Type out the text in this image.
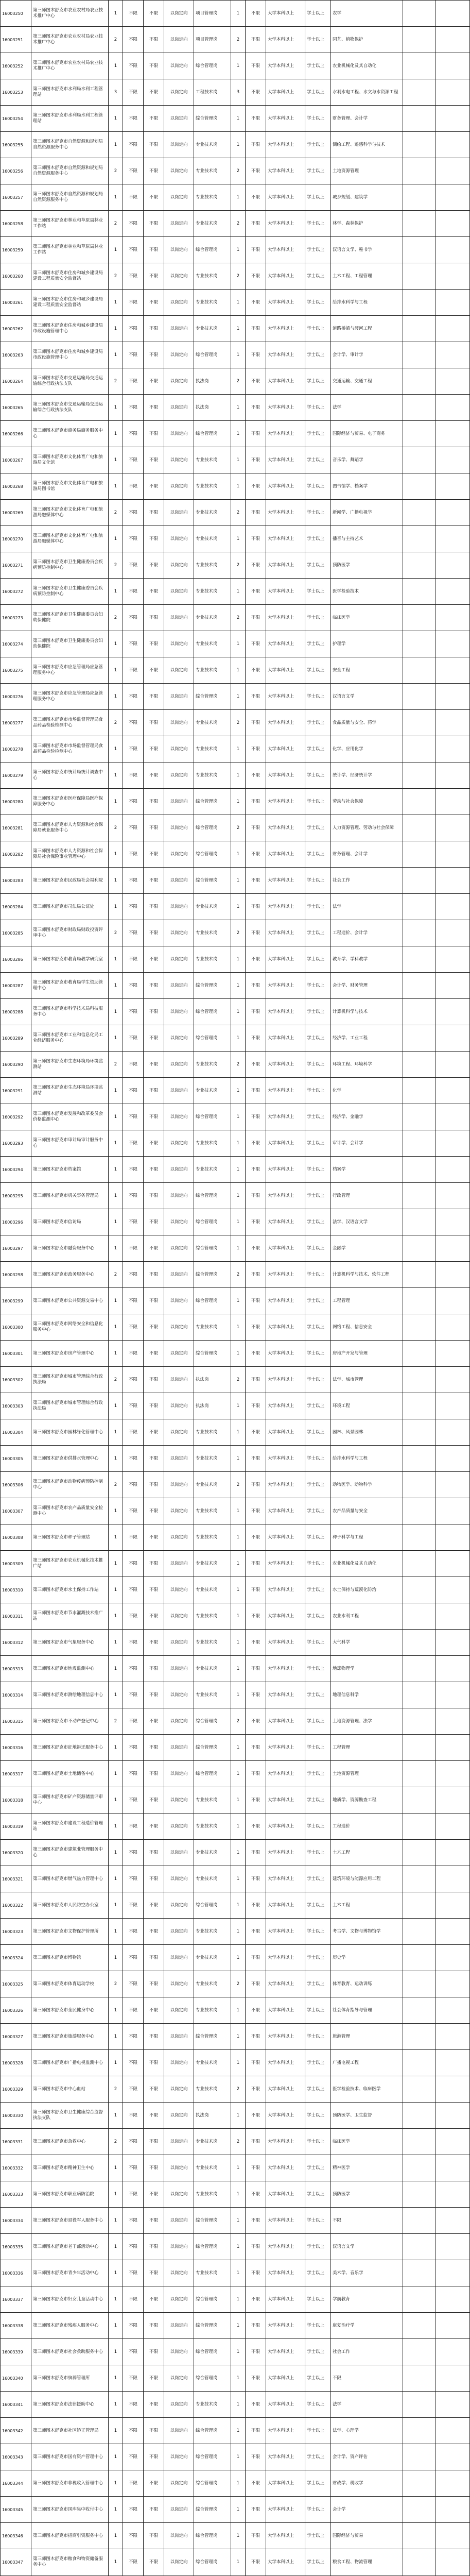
16003250	第三师图木舒克市农业农村局农业技术推广中心	1	不限	不限	以岗定向	项目管理岗	1	不限	大学本科以上	学士以上	农学		
16003251	第三师图木舒克市农业农村局农业技术推广中心	2	不限	不限	以岗定向	项目管理岗	2	不限	大学本科以上	学士以上	园艺、植物保护		
16003252	第三师图木舒克市农业农村局农业技术推广中心	1	不限	不限	以岗定向	综合管理岗	1	不限	大学本科以上	学士以上	农业机械化及其自动化		
16003253	第三师图木舒克市水利局水利工程管理站	3	不限	不限	以岗定向	工程技术岗	3	不限	大学本科以上	学士以上	水利水电工程、水文与水资源工程		
16003254	第三师图木舒克市水利局水利工程管理站	1	不限	不限	以岗定向	综合管理岗	1	不限	大学本科以上	学士以上	财务管理、会计学		
16003255	第三师图木舒克市自然资源和规划局自然资源服务中心	1	不限	不限	以岗定向	专业技术岗	1	不限	大学本科以上	学士以上	测绘工程、遥感科学与技术		
16003256	第三师图木舒克市自然资源和规划局自然资源服务中心	2	不限	不限	以岗定向	专业技术岗	2	不限	大学本科以上	学士以上	土地资源管理		
16003257	第三师图木舒克市自然资源和规划局自然资源服务中心	1	不限	不限	以岗定向	专业技术岗	1	不限	大学本科以上	学士以上	城乡规划、建筑学		
16003258	第三师图木舒克市林业和草原局林业工作站	2	不限	不限	以岗定向	专业技术岗	2	不限	大学本科以上	学士以上	林学、森林保护		
16003259	第三师图木舒克市林业和草原局林业工作站	1	不限	不限	以岗定向	综合管理岗	1	不限	大学本科以上	学士以上	汉语言文学、秘书学		
16003260	第三师图木舒克市住房和城乡建设局建设工程质量安全监督站	2	不限	不限	以岗定向	专业技术岗	2	不限	大学本科以上	学士以上	土木工程、工程管理		
16003261	第三师图木舒克市住房和城乡建设局建设工程质量安全监督站	1	不限	不限	以岗定向	专业技术岗	1	不限	大学本科以上	学士以上	给排水科学与工程		
16003262	第三师图木舒克市住房和城乡建设局市政设施管理中心	1	不限	不限	以岗定向	专业技术岗	1	不限	大学本科以上	学士以上	道路桥梁与渡河工程		
16003263	第三师图木舒克市住房和城乡建设局市政设施管理中心	1	不限	不限	以岗定向	综合管理岗	1	不限	大学本科以上	学士以上	会计学、审计学		
16003264	第三师图木舒克市交通运输局交通运输综合行政执法支队	2	不限	不限	以岗定向	执法岗	2	不限	大学本科以上	学士以上	交通运输、交通工程		
16003265	第三师图木舒克市交通运输局交通运输综合行政执法支队	1	不限	不限	以岗定向	执法岗	1	不限	大学本科以上	学士以上	法学		
16003266	第三师图木舒克市商务局商务服务中心	1	不限	不限	以岗定向	综合管理岗	1	不限	大学本科以上	学士以上	国际经济与贸易、电子商务		
16003267	第三师图木舒克市文化体育广电和旅游局文化馆	1	不限	不限	以岗定向	专业技术岗	1	不限	大学本科以上	学士以上	音乐学、舞蹈学		
16003268	第三师图木舒克市文化体育广电和旅游局图书馆	1	不限	不限	以岗定向	专业技术岗	1	不限	大学本科以上	学士以上	图书馆学、档案学		
16003269	第三师图木舒克市文化体育广电和旅游局融媒体中心	2	不限	不限	以岗定向	专业技术岗	2	不限	大学本科以上	学士以上	新闻学、广播电视学		
16003270	第三师图木舒克市文化体育广电和旅游局融媒体中心	1	不限	不限	以岗定向	专业技术岗	1	不限	大学本科以上	学士以上	播音与主持艺术		
16003271	第三师图木舒克市卫生健康委员会疾病预防控制中心	2	不限	不限	以岗定向	专业技术岗	2	不限	大学本科以上	学士以上	预防医学		
16003272	第三师图木舒克市卫生健康委员会疾病预防控制中心	1	不限	不限	以岗定向	专业技术岗	1	不限	大学本科以上	学士以上	医学检验技术		
16003273	第三师图木舒克市卫生健康委员会妇幼保健院	2	不限	不限	以岗定向	专业技术岗	2	不限	大学本科以上	学士以上	临床医学		
16003274	第三师图木舒克市卫生健康委员会妇幼保健院	1	不限	不限	以岗定向	专业技术岗	1	不限	大学本科以上	学士以上	护理学		
16003275	第三师图木舒克市应急管理局应急管理服务中心	1	不限	不限	以岗定向	专业技术岗	1	不限	大学本科以上	学士以上	安全工程		
16003276	第三师图木舒克市应急管理局应急管理服务中心	1	不限	不限	以岗定向	综合管理岗	1	不限	大学本科以上	学士以上	汉语言文学		
16003277	第三师图木舒克市市场监督管理局食品药品检验检测中心	2	不限	不限	以岗定向	专业技术岗	2	不限	大学本科以上	学士以上	食品质量与安全、药学		
16003278	第三师图木舒克市市场监督管理局食品药品检验检测中心	1	不限	不限	以岗定向	专业技术岗	1	不限	大学本科以上	学士以上	化学、应用化学		
16003279	第三师图木舒克市统计局统计调查中心	1	不限	不限	以岗定向	专业技术岗	1	不限	大学本科以上	学士以上	统计学、经济统计学		
16003280	第三师图木舒克市医疗保障局医疗保障服务中心	1	不限	不限	以岗定向	综合管理岗	1	不限	大学本科以上	学士以上	劳动与社会保障		
16003281	第三师图木舒克市人力资源和社会保障局就业服务中心	2	不限	不限	以岗定向	综合管理岗	2	不限	大学本科以上	学士以上	人力资源管理、劳动与社会保障		
16003282	第三师图木舒克市人力资源和社会保障局社会保险事业管理中心	1	不限	不限	以岗定向	综合管理岗	1	不限	大学本科以上	学士以上	财务管理、会计学		
16003283	第三师图木舒克市民政局社会福利院	1	不限	不限	以岗定向	综合管理岗	1	不限	大学本科以上	学士以上	社会工作		
16003284	第三师图木舒克市司法局公证处	1	不限	不限	以岗定向	专业技术岗	1	不限	大学本科以上	学士以上	法学		
16003285	第三师图木舒克市财政局财政投资评审中心	2	不限	不限	以岗定向	专业技术岗	2	不限	大学本科以上	学士以上	工程造价、会计学		
16003286	第三师图木舒克市教育局教学研究室	1	不限	不限	以岗定向	专业技术岗	1	不限	大学本科以上	学士以上	教育学、学科教学		
16003287	第三师图木舒克市教育局学生资助管理中心	1	不限	不限	以岗定向	综合管理岗	1	不限	大学本科以上	学士以上	会计学、财务管理		
16003288	第三师图木舒克市科学技术局科技服务中心	1	不限	不限	以岗定向	综合管理岗	1	不限	大学本科以上	学士以上	计算机科学与技术		
16003289	第三师图木舒克市工业和信息化局工业经济服务中心	1	不限	不限	以岗定向	综合管理岗	1	不限	大学本科以上	学士以上	经济学、工业工程		
16003290	第三师图木舒克市生态环境局环境监测站	2	不限	不限	以岗定向	专业技术岗	2	不限	大学本科以上	学士以上	环境工程、环境科学		
16003291	第三师图木舒克市生态环境局环境监测站	1	不限	不限	以岗定向	专业技术岗	1	不限	大学本科以上	学士以上	化学		
16003292	第三师图木舒克市发展和改革委员会价格监测中心	1	不限	不限	以岗定向	综合管理岗	1	不限	大学本科以上	学士以上	经济学、金融学		
16003293	第三师图木舒克市审计局审计服务中心	1	不限	不限	以岗定向	专业技术岗	1	不限	大学本科以上	学士以上	审计学、会计学		
16003294	第三师图木舒克市档案馆	1	不限	不限	以岗定向	专业技术岗	1	不限	大学本科以上	学士以上	档案学		
16003295	第三师图木舒克市机关事务管理局	1	不限	不限	以岗定向	综合管理岗	1	不限	大学本科以上	学士以上	行政管理		
16003296	第三师图木舒克市信访局	1	不限	不限	以岗定向	综合管理岗	1	不限	大学本科以上	学士以上	法学、汉语言文学		
16003297	第三师图木舒克市融资服务中心	1	不限	不限	以岗定向	综合管理岗	1	不限	大学本科以上	学士以上	金融学		
16003298	第三师图木舒克市政务服务中心	2	不限	不限	以岗定向	综合管理岗	2	不限	大学本科以上	学士以上	计算机科学与技术、软件工程		
16003299	第三师图木舒克市公共资源交易中心	1	不限	不限	以岗定向	综合管理岗	1	不限	大学本科以上	学士以上	工程管理		
16003300	第三师图木舒克市网络安全和信息化服务中心	1	不限	不限	以岗定向	专业技术岗	1	不限	大学本科以上	学士以上	网络工程、信息安全		
16003301	第三师图木舒克市房产管理中心	1	不限	不限	以岗定向	综合管理岗	1	不限	大学本科以上	学士以上	房地产开发与管理		
16003302	第三师图木舒克市城市管理综合行政执法局	2	不限	不限	以岗定向	执法岗	2	不限	大学本科以上	学士以上	法学、城市管理		
16003303	第三师图木舒克市城市管理综合行政执法局	1	不限	不限	以岗定向	执法岗	1	不限	大学本科以上	学士以上	环境工程		
16003304	第三师图木舒克市园林绿化管理中心	1	不限	不限	以岗定向	专业技术岗	1	不限	大学本科以上	学士以上	园林、风景园林		
16003305	第三师图木舒克市供排水管理中心	1	不限	不限	以岗定向	专业技术岗	1	不限	大学本科以上	学士以上	给排水科学与工程		
16003306	第三师图木舒克市动物疫病预防控制中心	2	不限	不限	以岗定向	专业技术岗	2	不限	大学本科以上	学士以上	动物医学、动物科学		
16003307	第三师图木舒克市农产品质量安全检测中心	1	不限	不限	以岗定向	专业技术岗	1	不限	大学本科以上	学士以上	农产品质量与安全		
16003308	第三师图木舒克市种子管理站	1	不限	不限	以岗定向	专业技术岗	1	不限	大学本科以上	学士以上	种子科学与工程		
16003309	第三师图木舒克市农业机械化技术推广站	1	不限	不限	以岗定向	专业技术岗	1	不限	大学本科以上	学士以上	农业机械化及其自动化		
16003310	第三师图木舒克市水土保持工作站	1	不限	不限	以岗定向	专业技术岗	1	不限	大学本科以上	学士以上	水土保持与荒漠化防治		
16003311	第三师图木舒克市节水灌溉技术推广站	1	不限	不限	以岗定向	专业技术岗	1	不限	大学本科以上	学士以上	农业水利工程		
16003312	第三师图木舒克市气象服务中心	1	不限	不限	以岗定向	专业技术岗	1	不限	大学本科以上	学士以上	大气科学		
16003313	第三师图木舒克市地震监测中心	1	不限	不限	以岗定向	专业技术岗	1	不限	大学本科以上	学士以上	地球物理学		
16003314	第三师图木舒克市测绘地理信息中心	1	不限	不限	以岗定向	专业技术岗	1	不限	大学本科以上	学士以上	地理信息科学		
16003315	第三师图木舒克市不动产登记中心	2	不限	不限	以岗定向	综合管理岗	2	不限	大学本科以上	学士以上	土地资源管理、法学		
16003316	第三师图木舒克市征地拆迁服务中心	1	不限	不限	以岗定向	综合管理岗	1	不限	大学本科以上	学士以上	工程管理		
16003317	第三师图木舒克市土地储备中心	1	不限	不限	以岗定向	综合管理岗	1	不限	大学本科以上	学士以上	土地资源管理		
16003318	第三师图木舒克市矿产资源储量评审中心	1	不限	不限	以岗定向	专业技术岗	1	不限	大学本科以上	学士以上	地质学、资源勘查工程		
16003319	第三师图木舒克市建设工程造价管理站	1	不限	不限	以岗定向	专业技术岗	1	不限	大学本科以上	学士以上	工程造价		
16003320	第三师图木舒克市建筑业管理服务中心	1	不限	不限	以岗定向	专业技术岗	1	不限	大学本科以上	学士以上	土木工程		
16003321	第三师图木舒克市燃气热力管理中心	1	不限	不限	以岗定向	专业技术岗	1	不限	大学本科以上	学士以上	建筑环境与能源应用工程		
16003322	第三师图木舒克市人民防空办公室	1	不限	不限	以岗定向	综合管理岗	1	不限	大学本科以上	学士以上	土木工程		
16003323	第三师图木舒克市文物保护管理所	1	不限	不限	以岗定向	专业技术岗	1	不限	大学本科以上	学士以上	考古学、文物与博物馆学		
16003324	第三师图木舒克市博物馆	1	不限	不限	以岗定向	专业技术岗	1	不限	大学本科以上	学士以上	历史学		
16003325	第三师图木舒克市体育运动学校	2	不限	不限	以岗定向	专业技术岗	2	不限	大学本科以上	学士以上	体育教育、运动训练		
16003326	第三师图木舒克市全民健身中心	1	不限	不限	以岗定向	专业技术岗	1	不限	大学本科以上	学士以上	社会体育指导与管理		
16003327	第三师图木舒克市旅游服务中心	1	不限	不限	以岗定向	综合管理岗	1	不限	大学本科以上	学士以上	旅游管理		
16003328	第三师图木舒克市广播电视监测中心	1	不限	不限	以岗定向	专业技术岗	1	不限	大学本科以上	学士以上	广播电视工程		
16003329	第三师图木舒克市中心血站	2	不限	不限	以岗定向	专业技术岗	2	不限	大学本科以上	学士以上	医学检验技术、临床医学		
16003330	第三师图木舒克市卫生健康综合监督执法支队	1	不限	不限	以岗定向	执法岗	1	不限	大学本科以上	学士以上	预防医学、卫生监督		
16003331	第三师图木舒克市急救中心	2	不限	不限	以岗定向	专业技术岗	2	不限	大学本科以上	学士以上	临床医学		
16003332	第三师图木舒克市精神卫生中心	1	不限	不限	以岗定向	专业技术岗	1	不限	大学本科以上	学士以上	精神医学		
16003333	第三师图木舒克市职业病防治院	1	不限	不限	以岗定向	专业技术岗	1	不限	大学本科以上	学士以上	预防医学		
16003334	第三师图木舒克市退役军人服务中心	1	不限	不限	以岗定向	综合管理岗	1	不限	大学本科以上	学士以上	不限		
16003335	第三师图木舒克市老干部活动中心	1	不限	不限	以岗定向	综合管理岗	1	不限	大学本科以上	学士以上	汉语言文学		
16003336	第三师图木舒克市青少年活动中心	1	不限	不限	以岗定向	专业技术岗	1	不限	大学本科以上	学士以上	美术学、音乐学		
16003337	第三师图木舒克市妇女儿童活动中心	1	不限	不限	以岗定向	综合管理岗	1	不限	大学本科以上	学士以上	学前教育		
16003338	第三师图木舒克市残疾人服务中心	1	不限	不限	以岗定向	综合管理岗	1	不限	大学本科以上	学士以上	康复治疗学		
16003339	第三师图木舒克市社会救助服务中心	1	不限	不限	以岗定向	综合管理岗	1	不限	大学本科以上	学士以上	社会工作		
16003340	第三师图木舒克市殡葬管理所	1	不限	不限	以岗定向	综合管理岗	1	不限	大学本科以上	学士以上	不限		
16003341	第三师图木舒克市法律援助中心	1	不限	不限	以岗定向	专业技术岗	1	不限	大学本科以上	学士以上	法学		
16003342	第三师图木舒克市社区矫正管理局	1	不限	不限	以岗定向	综合管理岗	1	不限	大学本科以上	学士以上	法学、心理学		
16003343	第三师图木舒克市国有资产管理中心	1	不限	不限	以岗定向	综合管理岗	1	不限	大学本科以上	学士以上	会计学、资产评估		
16003344	第三师图木舒克市非税收入管理中心	1	不限	不限	以岗定向	综合管理岗	1	不限	大学本科以上	学士以上	财政学、税收学		
16003345	第三师图木舒克市国库集中收付中心	1	不限	不限	以岗定向	综合管理岗	1	不限	大学本科以上	学士以上	会计学		
16003346	第三师图木舒克市招商引资服务中心	1	不限	不限	以岗定向	综合管理岗	1	不限	大学本科以上	学士以上	国际经济与贸易		
16003347	第三师图木舒克市粮食和物资储备服务中心	1	不限	不限	以岗定向	综合管理岗	1	不限	大学本科以上	学士以上	粮食工程、物流管理		
